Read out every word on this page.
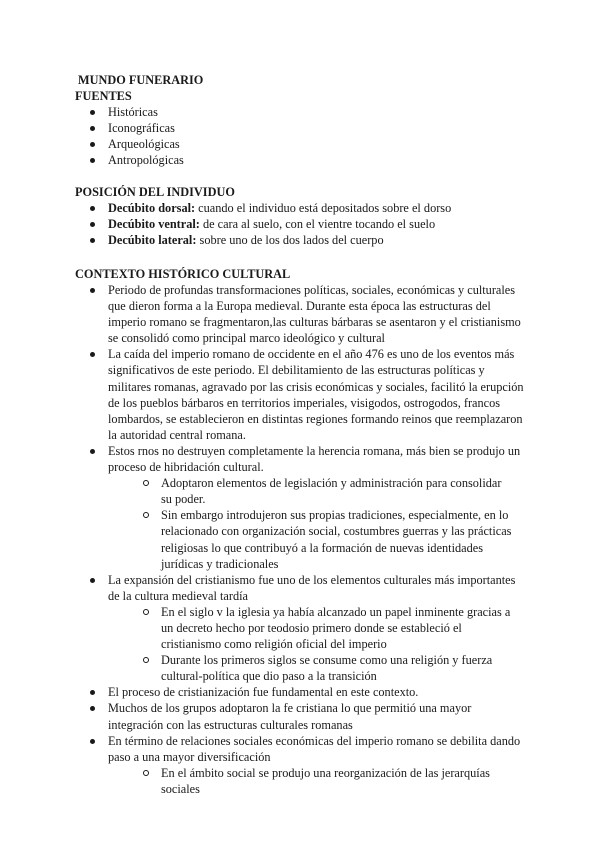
MUNDO FUNERARIO
FUENTES
Históricas
Iconográficas
Arqueológicas
Antropológicas
POSICIÓN DEL INDIVIDUO
Decúbito dorsal: cuando el individuo está depositados sobre el dorso
Decúbito ventral: de cara al suelo, con el vientre tocando el suelo
Decúbito lateral: sobre uno de los dos lados del cuerpo
CONTEXTO HISTÓRICO CULTURAL
Periodo de profundas transformaciones políticas, sociales, económicas y culturales que dieron forma a la Europa medieval. Durante esta época las estructuras del imperio romano se fragmentaron,las culturas bárbaras se asentaron y el cristianismo se consolidó como principal marco ideológico y cultural
La caída del imperio romano de occidente en el año 476 es uno de los eventos más significativos de este periodo. El debilitamiento de las estructuras políticas y militares romanas, agravado por las crisis económicas y sociales, facilitó la erupción de los pueblos bárbaros en territorios imperiales, visigodos, ostrogodos, francos lombardos, se establecieron en distintas regiones formando reinos que reemplazaron la autoridad central romana.
Estos rnos no destruyen completamente la herencia romana, más bien se produjo un proceso de hibridación cultural.
Adoptaron elementos de legislación y administración para consolidar su poder.
Sin embargo introdujeron sus propias tradiciones, especialmente, en lo relacionado con organización social, costumbres guerras y las prácticas religiosas lo que contribuyó a la formación de nuevas identidades jurídicas y tradicionales
La expansión del cristianismo fue uno de los elementos culturales más importantes de la cultura medieval tardía
En el siglo v la iglesia ya había alcanzado un papel inminente gracias a un decreto hecho por teodosio primero donde se estableció el cristianismo como religión oficial del imperio
Durante los primeros siglos se consume como una religión y fuerza cultural-política que dio paso a la transición
El proceso de cristianización fue fundamental en este contexto.
Muchos de los grupos adoptaron la fe cristiana lo que permitió una mayor integración con las estructuras culturales romanas
En término de relaciones sociales económicas del imperio romano se debilita dando paso a una mayor diversificación
En el ámbito social se produjo una reorganización de las jerarquías sociales
